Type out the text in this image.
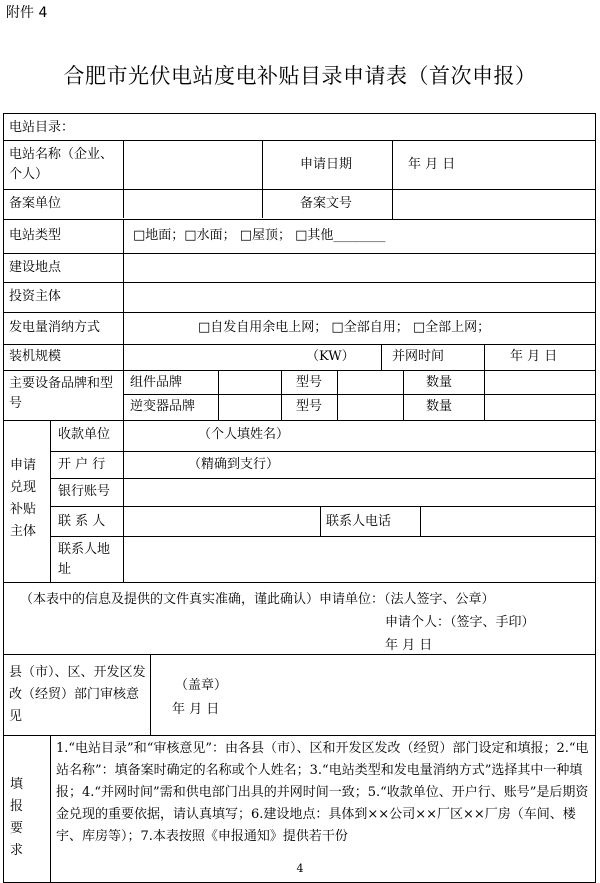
附件 4
合肥市光伏电站度电补贴目录申请表（首次申报）
电站目录：
电站名称（企业、个人）
申请日期	年 月 日
备案单位	备案文号
电站类型	□地面；□水面； □屋顶； □其他________
建设地点
投资主体
发电量消纳方式	□自发自用余电上网； □全部自用； □全部上网；
装机规模	（KW）	并网时间	年 月 日
主要设备品牌和型号
组件品牌	型号	数量
逆变器品牌	型号	数量
申请兑现补贴主体
收款单位	（个人填姓名）
开 户 行	（精确到支行）
银行账号
联 系 人	联系人电话
联系人地址
（本表中的信息及提供的文件真实准确，谨此确认）申请单位：（法人签字、公章）
申请个人：（签字、手印）
年 月 日
县（市）、区、开发区发改（经贸）部门审核意见
（盖章）
年 月 日
填 报 要求
1.“电站目录”和“审核意见”：由各县（市）、区和开发区发改（经贸）部门设定和填报；2.“电站名称”：填备案时确定的名称或个人姓名；3.“电站类型和发电量消纳方式”选择其中一种填报；4.“并网时间”需和供电部门出具的并网时间一致；5.“收款单位、开户行、账号”是后期资金兑现的重要依据，请认真填写；6.建设地点：具体到××公司××厂区××厂房（车间、楼宇、库房等）；7.本表按照《申报通知》提供若干份
4
